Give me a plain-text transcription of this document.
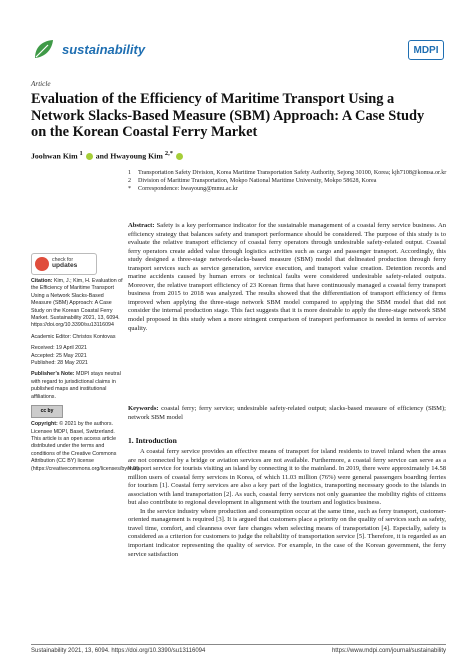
sustainability	MDPI
Article
Evaluation of the Efficiency of Maritime Transport Using a Network Slacks-Based Measure (SBM) Approach: A Case Study on the Korean Coastal Ferry Market
Joohwan Kim $^1$  and Hwayoung Kim $^{2,*}$
1 Transportation Safety Division, Korea Maritime Transportation Safety Authority, Sejong 30100, Korea; kjh7108@komsa.or.kr
2 Division of Maritime Transportation, Mokpo National Maritime University, Mokpo 58628, Korea
* Correspondence: hwayoung@mmu.ac.kr
Abstract: Safety is a key performance indicator for the sustainable management of a coastal ferry service business. An efficiency strategy that balances safety and transport performance should be considered. The purpose of this study is to evaluate the relative transport efficiency of coastal ferry operators through undesirable safety-related output. Coastal ferry operators create added value through logistics activities such as cargo and passenger transport. Accordingly, this study designed a three-stage network-slacks-based measure (SBM) model that delineated production through ferry transport services such as service generation, service execution, and transport value creation. Detention records and marine accidents caused by human errors or technical faults were considered undesirable safety-related outputs. Moreover, the relative transport efficiency of 23 Korean firms that have continuously managed a coastal ferry transport business from 2015 to 2018 was analyzed. The results showed that the differentiation of transport efficiency of firms improved when applying the three-stage network SBM model compared to applying the SBM model that did not consider the internal production stage. This fact suggests that it is more desirable to apply the three-stage network SBM model proposed in this study when a more stringent comparison of transport performance is needed in terms of service quality.
Keywords: coastal ferry; ferry service; undesirable safety-related output; slacks-based measure of efficiency (SBM); network SBM model
check for
updates
Citation: Kim, J.; Kim, H. Evaluation of the Efficiency of Maritime Transport Using a Network Slacks-Based Measure (SBM) Approach: A Case Study on the Korean Coastal Ferry Market. Sustainability 2021, 13, 6094. https://doi.org/10.3390/su13116094
Academic Editor: Christos Kontovas
Received: 19 April 2021
Accepted: 25 May 2021
Published: 28 May 2021
Publisher’s Note: MDPI stays neutral with regard to jurisdictional claims in published maps and institutional affiliations.
cc by
Copyright: © 2021 by the authors. Licensee MDPI, Basel, Switzerland. This article is an open access article distributed under the terms and conditions of the Creative Commons Attribution (CC BY) license (https://creativecommons.org/licenses/by/4.0/).
1. Introduction

A coastal ferry service provides an effective means of transport for island residents to travel inland when the areas are not connected by a bridge or aviation services are not available. Furthermore, a coastal ferry service can serve as a transport service for tourists visiting an island by connecting it to the mainland. In 2019, there were approximately 14.58 million users of coastal ferry services in Korea, of which 11.03 million (76%) were general passengers boarding ferries for tourism [1]. Coastal ferry services are also a key part of the logistics, transporting necessary goods to the islands in association with land transportation [2]. As such, coastal ferry services not only guarantee the mobility rights of citizens but also contribute to regional development in alignment with the tourism and logistics business.

In the service industry where production and consumption occur at the same time, such as ferry transport, customer-oriented management is required [3]. It is argued that customers place a priority on the quality of services such as safety, travel time, comfort, and cleanness over fare changes when selecting means of transportation [4]. Especially, safety is considered as a criterion for customers to judge the reliability of transportation service [5]. Therefore, it is regarded as an important indicator representing the quality of service. For example, in the case of the Korean government, the ferry service satisfaction

Sustainability 2021, 13, 6094. https://doi.org/10.3390/su13116094	https://www.mdpi.com/journal/sustainability
